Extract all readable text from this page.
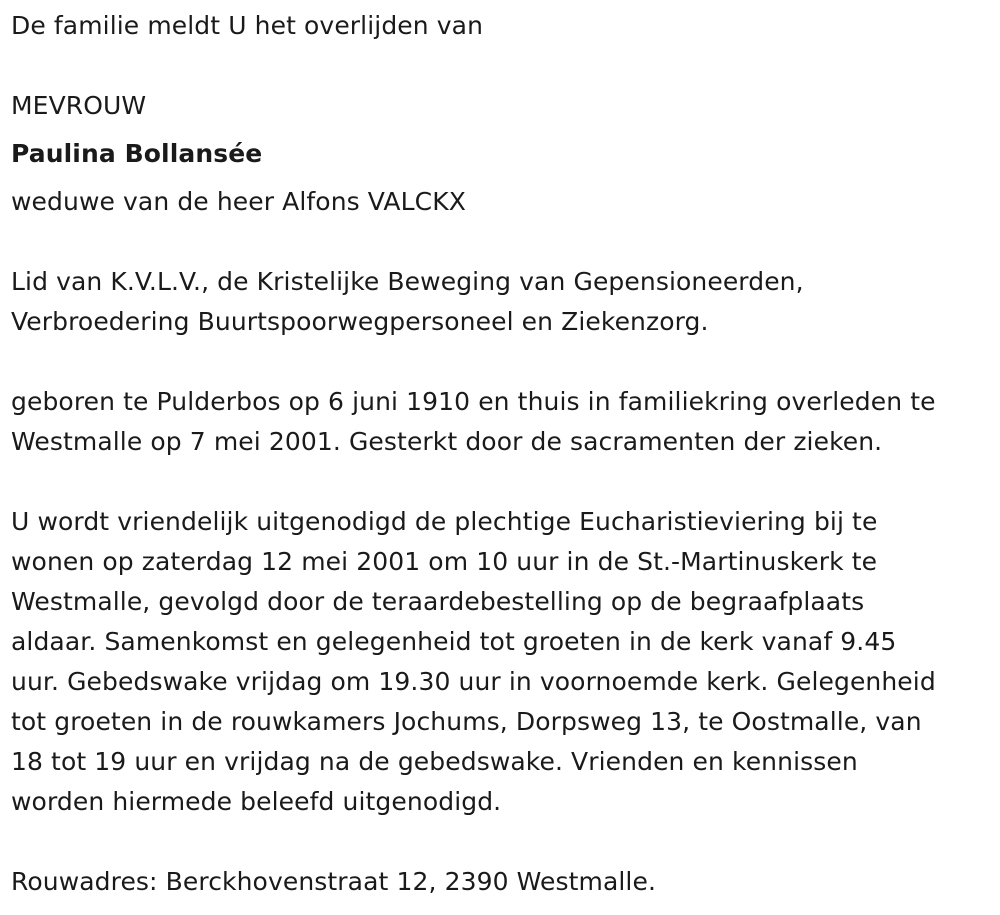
De familie meldt U het overlijden van
MEVROUW
Paulina Bollansée
weduwe van de heer Alfons VALCKX
Lid van K.V.L.V., de Kristelijke Beweging van Gepensioneerden,
Verbroedering Buurtspoorwegpersoneel en Ziekenzorg.
geboren te Pulderbos op 6 juni 1910 en thuis in familiekring overleden te
Westmalle op 7 mei 2001. Gesterkt door de sacramenten der zieken.
U wordt vriendelijk uitgenodigd de plechtige Eucharistieviering bij te
wonen op zaterdag 12 mei 2001 om 10 uur in de St.-Martinuskerk te
Westmalle, gevolgd door de teraardebestelling op de begraafplaats
aldaar. Samenkomst en gelegenheid tot groeten in de kerk vanaf 9.45
uur. Gebedswake vrijdag om 19.30 uur in voornoemde kerk. Gelegenheid
tot groeten in de rouwkamers Jochums, Dorpsweg 13, te Oostmalle, van
18 tot 19 uur en vrijdag na de gebedswake. Vrienden en kennissen
worden hiermede beleefd uitgenodigd.
Rouwadres: Berckhovenstraat 12, 2390 Westmalle.
